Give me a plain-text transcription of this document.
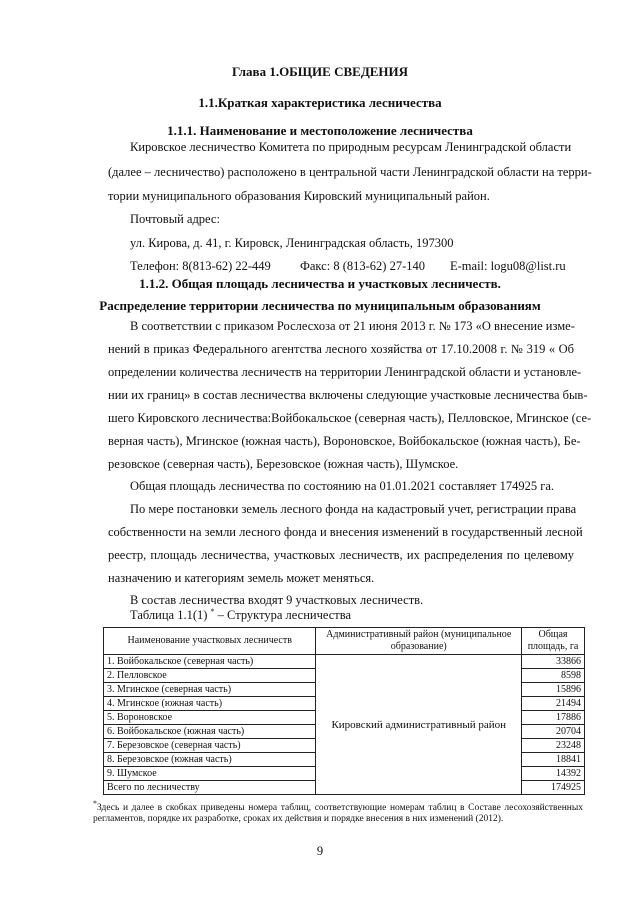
Глава 1.ОБЩИЕ СВЕДЕНИЯ
1.1.Краткая характеристика лесничества
1.1.1. Наименование и местоположение лесничества
Кировское лесничество Комитета по природным ресурсам Ленинградской области
(далее – лесничество) расположено в центральной части Ленинградской области на терри-
тории муниципального образования Кировский муниципальный район.
Почтовый адрес:
ул. Кирова, д. 41, г. Кировск, Ленинградская область, 197300
Телефон: 8(813-62) 22-449 Факс: 8 (813-62) 27-140 E-mail: logu08@list.ru
1.1.2. Общая площадь лесничества и участковых лесничеств.
Распределение территории лесничества по муниципальным образованиям
В соответствии с приказом Рослесхоза от 21 июня 2013 г. № 173 «О внесение изме-
нений в приказ Федерального агентства лесного хозяйства от 17.10.2008 г. № 319 « Об
определении количества лесничеств на территории Ленинградской области и установле-
нии их границ» в состав лесничества включены следующие участковые лесничества быв-
шего Кировского лесничества:Войбокальское (северная часть), Пелловское, Мгинское (се-
верная часть), Мгинское (южная часть), Вороновское, Войбокальское (южная часть), Бе-
резовское (северная часть), Березовское (южная часть), Шумское.
Общая площадь лесничества по состоянию на 01.01.2021 составляет 174925 га.
По мере постановки земель лесного фонда на кадастровый учет, регистрации права
собственности на земли лесного фонда и внесения изменений в государственный лесной
реестр, площадь лесничества, участковых лесничеств, их распределения по целевому
назначению и категориям земель может меняться.
В состав лесничества входят 9 участковых лесничеств.
Таблица 1.1(1) * – Структура лесничества
Наименование участковых лесничеств	Административный район (муниципальное образование)	Общая площадь, га
1. Войбокальское (северная часть)	Кировский административный район	33866
2. Пелловское		8598
3. Мгинское (северная часть)		15896
4. Мгинское (южная часть)		21494
5. Вороновское		17886
6. Войбокальское (южная часть)		20704
7. Березовское (северная часть)		23248
8. Березовское (южная часть)		18841
9. Шумское		14392
Всего по лесничеству		174925
*Здесь и далее в скобках приведены номера таблиц, соответствующие номерам таблиц в Составе лесохозяйственных регламентов, порядке их разработке, сроках их действия и порядке внесения в них изменений (2012).
9
